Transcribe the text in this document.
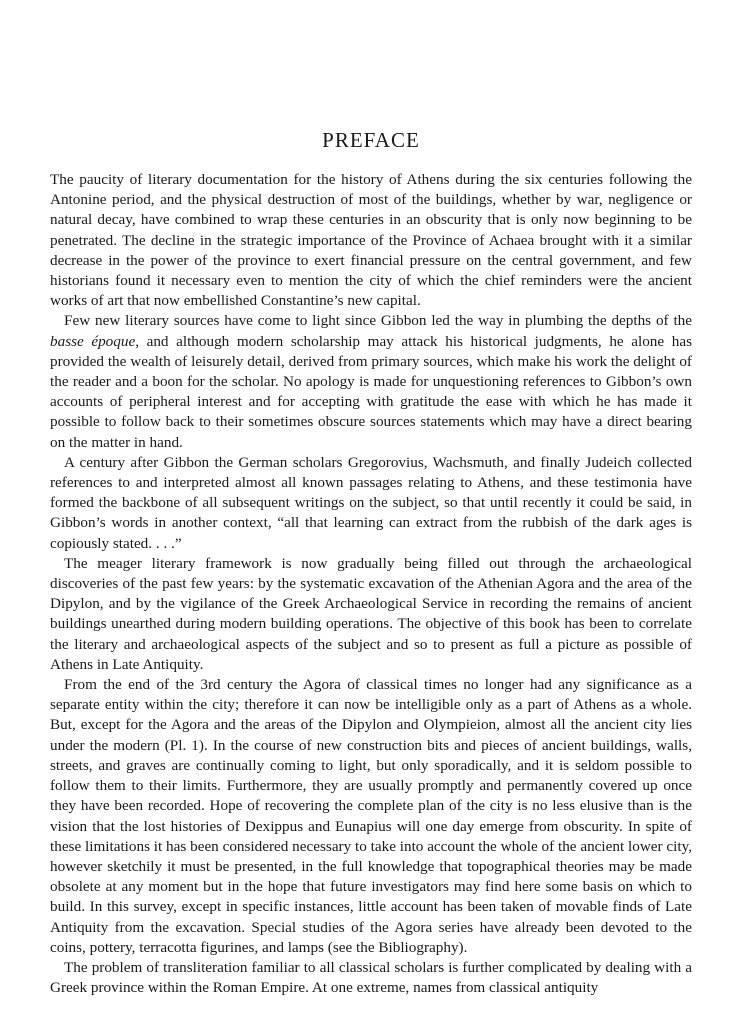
PREFACE

The paucity of literary documentation for the history of Athens during the six centuries following the Antonine period, and the physical destruction of most of the buildings, whether by war, negligence or natural decay, have combined to wrap these centuries in an obscurity that is only now beginning to be penetrated. The decline in the strategic importance of the Province of Achaea brought with it a similar decrease in the power of the province to exert financial pressure on the central government, and few historians found it necessary even to mention the city of which the chief reminders were the ancient works of art that now embellished Constantine’s new capital.

Few new literary sources have come to light since Gibbon led the way in plumbing the depths of the basse époque, and although modern scholarship may attack his historical judgments, he alone has provided the wealth of leisurely detail, derived from primary sources, which make his work the delight of the reader and a boon for the scholar. No apology is made for unquestioning references to Gibbon’s own accounts of peripheral interest and for accepting with gratitude the ease with which he has made it possible to follow back to their sometimes obscure sources statements which may have a direct bearing on the matter in hand.

A century after Gibbon the German scholars Gregorovius, Wachsmuth, and finally Judeich collected references to and interpreted almost all known passages relating to Athens, and these testimonia have formed the backbone of all subsequent writings on the subject, so that until recently it could be said, in Gibbon’s words in another context, “all that learning can extract from the rubbish of the dark ages is copiously stated. . . .”

The meager literary framework is now gradually being filled out through the archaeological discoveries of the past few years: by the systematic excavation of the Athenian Agora and the area of the Dipylon, and by the vigilance of the Greek Archaeological Service in recording the remains of ancient buildings unearthed during modern building operations. The objective of this book has been to correlate the literary and archaeological aspects of the subject and so to present as full a picture as possible of Athens in Late Antiquity.

From the end of the 3rd century the Agora of classical times no longer had any significance as a separate entity within the city; therefore it can now be intelligible only as a part of Athens as a whole. But, except for the Agora and the areas of the Dipylon and Olympieion, almost all the ancient city lies under the modern (Pl. 1). In the course of new construction bits and pieces of ancient buildings, walls, streets, and graves are continually coming to light, but only sporadically, and it is seldom possible to follow them to their limits. Furthermore, they are usually promptly and permanently covered up once they have been recorded. Hope of recovering the complete plan of the city is no less elusive than is the vision that the lost histories of Dexippus and Eunapius will one day emerge from obscurity. In spite of these limitations it has been considered necessary to take into account the whole of the ancient lower city, however sketchily it must be presented, in the full knowledge that topographical theories may be made obsolete at any moment but in the hope that future investigators may find here some basis on which to build. In this survey, except in specific instances, little account has been taken of movable finds of Late Antiquity from the excavation. Special studies of the Agora series have already been devoted to the coins, pottery, terracotta figurines, and lamps (see the Bibliography).

The problem of transliteration familiar to all classical scholars is further complicated by dealing with a Greek province within the Roman Empire. At one extreme, names from classical antiquity
